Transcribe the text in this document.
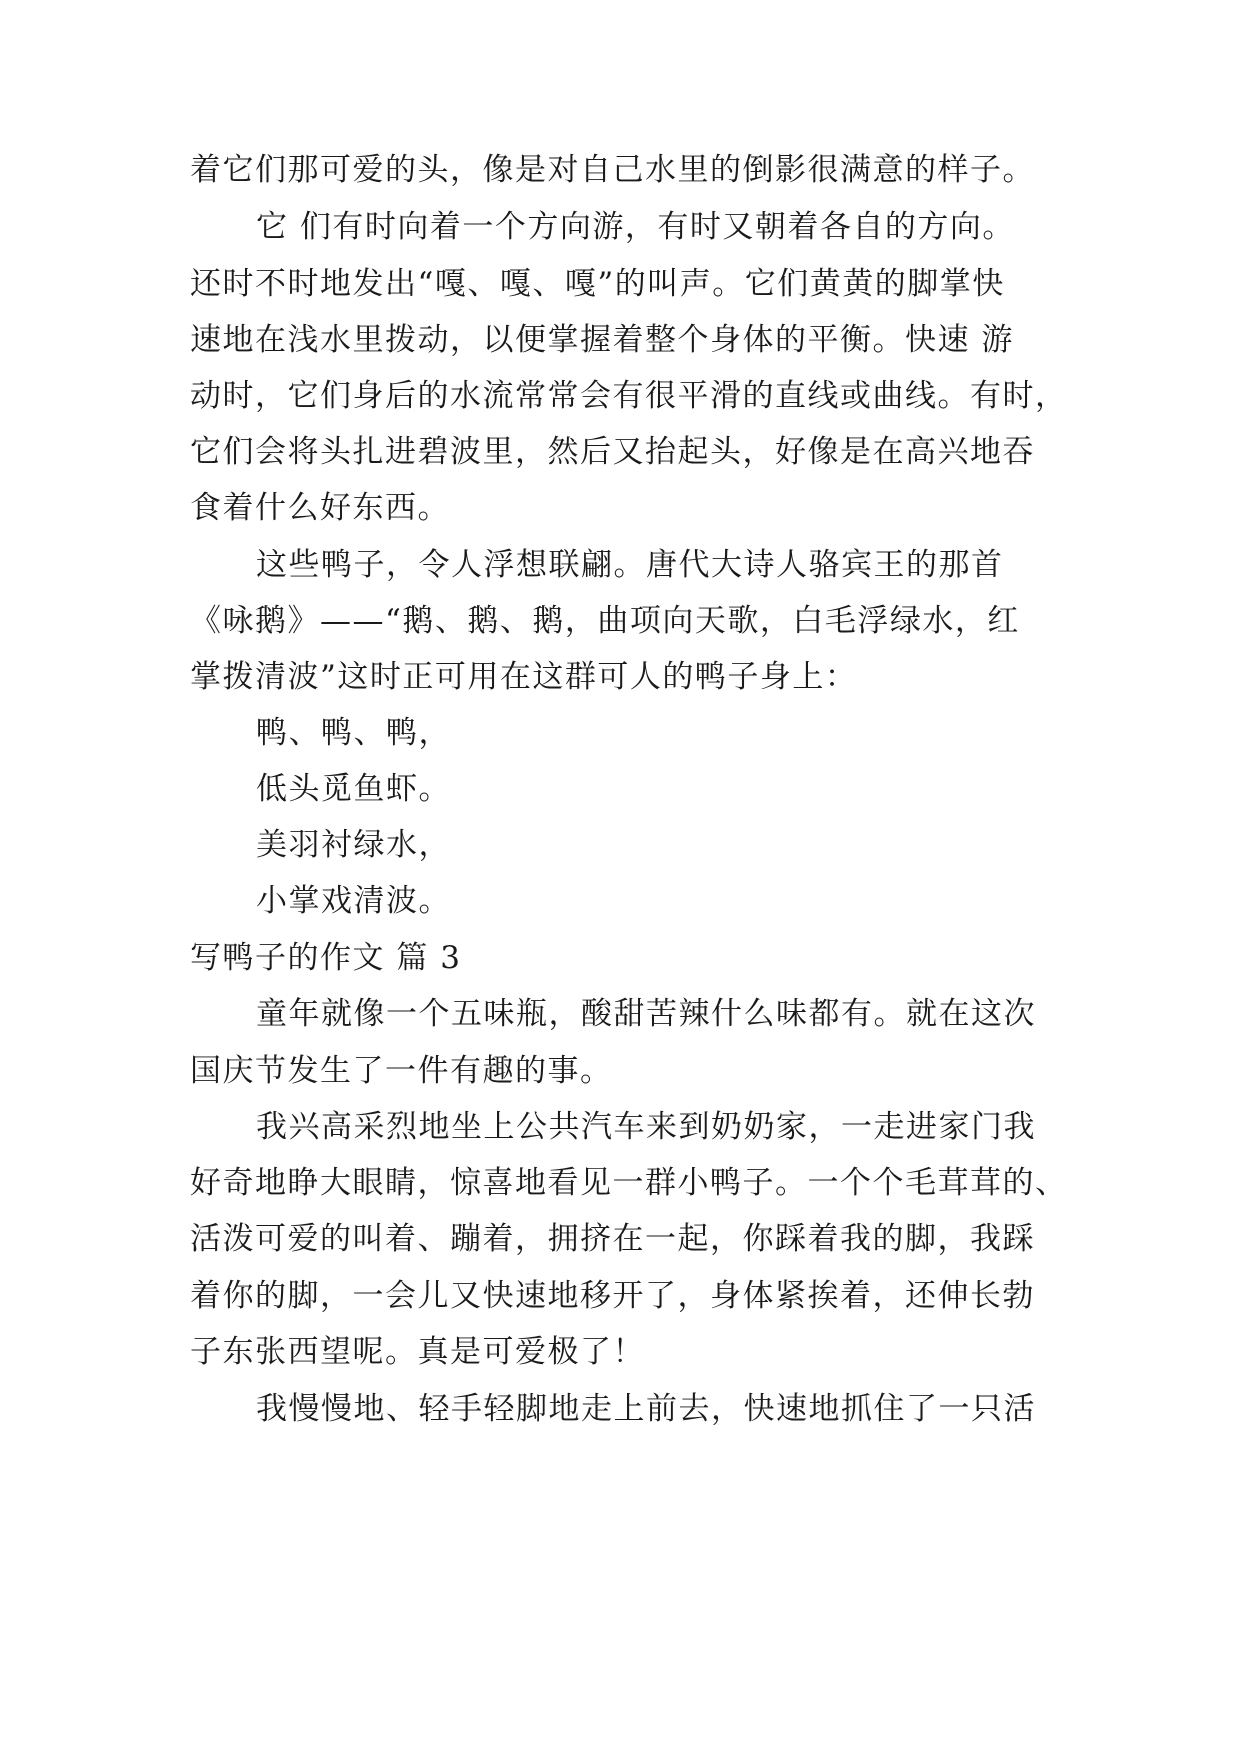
着它们那可爱的头，像是对自己水里的倒影很满意的样子。
它 们有时向着一个方向游，有时又朝着各自的方向。
还时不时地发出“嘎、嘎、嘎”的叫声。它们黄黄的脚掌快
速地在浅水里拨动，以便掌握着整个身体的平衡。快速 游
动时，它们身后的水流常常会有很平滑的直线或曲线。有时，
它们会将头扎进碧波里，然后又抬起头，好像是在高兴地吞
食着什么好东西。
这些鸭子，令人浮想联翩。唐代大诗人骆宾王的那首
《咏鹅》——“鹅、鹅、鹅，曲项向天歌，白毛浮绿水，红
掌拨清波”这时正可用在这群可人的鸭子身上：
鸭、鸭、鸭，
低头觅鱼虾。
美羽衬绿水，
小掌戏清波。
写鸭子的作文 篇 3
童年就像一个五味瓶，酸甜苦辣什么味都有。就在这次
国庆节发生了一件有趣的事。
我兴高采烈地坐上公共汽车来到奶奶家，一走进家门我
好奇地睁大眼睛，惊喜地看见一群小鸭子。一个个毛茸茸的、
活泼可爱的叫着、蹦着，拥挤在一起，你踩着我的脚，我踩
着你的脚，一会儿又快速地移开了，身体紧挨着，还伸长勃
子东张西望呢。真是可爱极了！
我慢慢地、轻手轻脚地走上前去，快速地抓住了一只活
